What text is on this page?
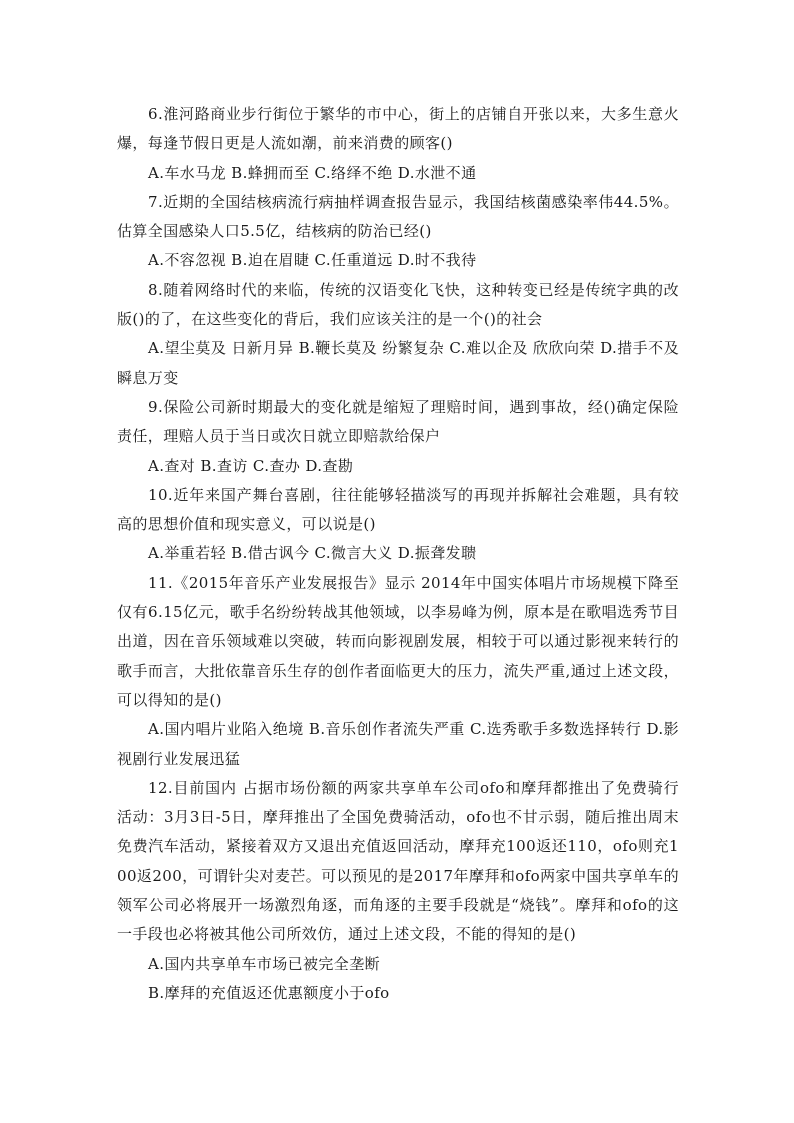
6.淮河路商业步行街位于繁华的市中心，街上的店铺自开张以来，大多生意火爆，每逢节假日更是人流如潮，前来消费的顾客()

A.车水马龙 B.蜂拥而至 C.络绎不绝 D.水泄不通

7.近期的全国结核病流行病抽样调查报告显示，我国结核菌感染率伟44.5%。估算全国感染人口5.5亿，结核病的防治已经()

A.不容忽视 B.迫在眉睫 C.任重道远 D.时不我待

8.随着网络时代的来临，传统的汉语变化飞快，这种转变已经是传统字典的改版()的了，在这些变化的背后，我们应该关注的是一个()的社会

A.望尘莫及 日新月异 B.鞭长莫及 纷繁复杂 C.难以企及 欣欣向荣 D.措手不及 瞬息万变

9.保险公司新时期最大的变化就是缩短了理赔时间，遇到事故，经()确定保险责任，理赔人员于当日或次日就立即赔款给保户

A.查对 B.查访 C.查办 D.查勘

10.近年来国产舞台喜剧，往往能够轻描淡写的再现并拆解社会难题，具有较高的思想价值和现实意义，可以说是()

A.举重若轻 B.借古讽今 C.微言大义 D.振聋发聩

11.《2015年音乐产业发展报告》显示 2014年中国实体唱片市场规模下降至仅有6.15亿元，歌手名纷纷转战其他领域，以李易峰为例，原本是在歌唱选秀节目出道，因在音乐领域难以突破，转而向影视剧发展，相较于可以通过影视来转行的歌手而言，大批依靠音乐生存的创作者面临更大的压力，流失严重,通过上述文段，可以得知的是()

A.国内唱片业陷入绝境 B.音乐创作者流失严重 C.选秀歌手多数选择转行 D.影视剧行业发展迅猛

12.目前国内 占据市场份额的两家共享单车公司ofo和摩拜都推出了免费骑行活动：3月3日-5日，摩拜推出了全国免费骑活动，ofo也不甘示弱，随后推出周末免费汽车活动，紧接着双方又退出充值返回活动，摩拜充100返还110，ofo则充100返200，可谓针尖对麦芒。可以预见的是2017年摩拜和ofo两家中国共享单车的领军公司必将展开一场激烈角逐，而角逐的主要手段就是“烧钱”。摩拜和ofo的这一手段也必将被其他公司所效仿，通过上述文段，不能的得知的是()

A.国内共享单车市场已被完全垄断

B.摩拜的充值返还优惠额度小于ofo
